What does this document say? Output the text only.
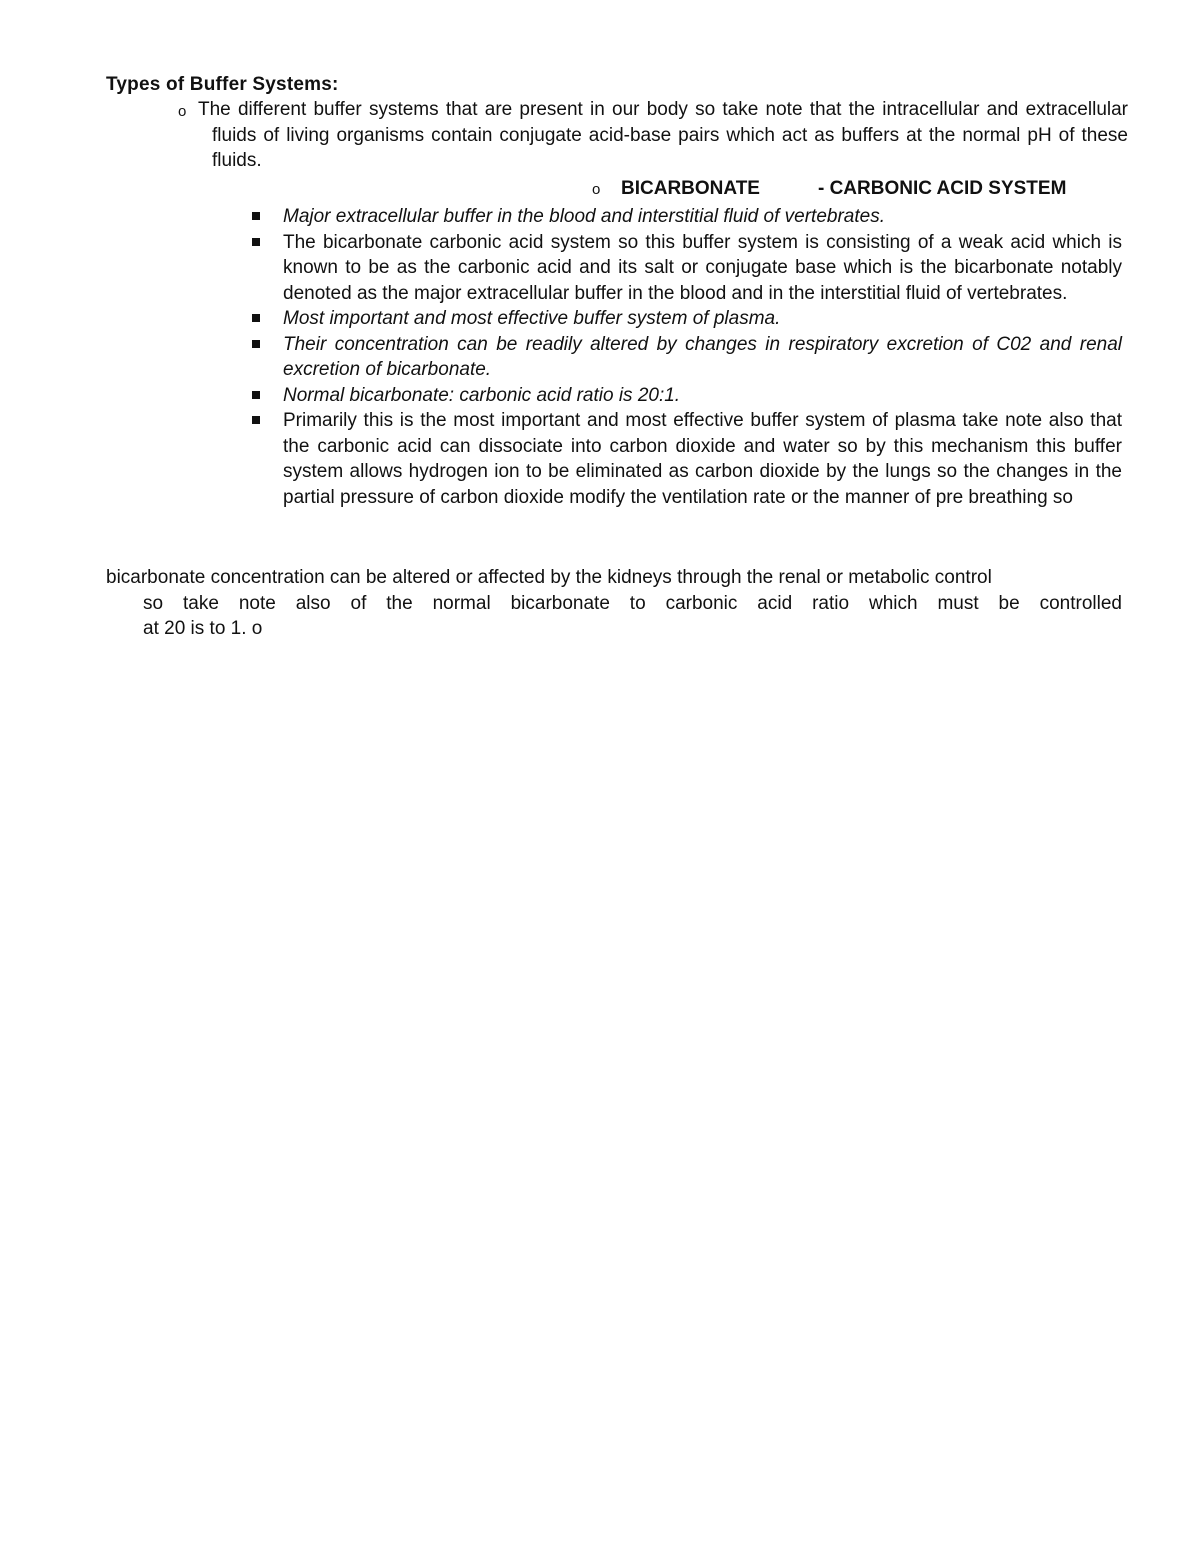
Types of Buffer Systems:
o The different buffer systems that are present in our body so take note that the intracellular and extracellular fluids of living organisms contain conjugate acid-base pairs which act as buffers at the normal pH of these fluids.
o BICARBONATE	- CARBONIC ACID SYSTEM
Major extracellular buffer in the blood and interstitial fluid of vertebrates.
The bicarbonate carbonic acid system so this buffer system is consisting of a weak acid which is known to be as the carbonic acid and its salt or conjugate base which is the bicarbonate notably denoted as the major extracellular buffer in the blood and in the interstitial fluid of vertebrates.
Most important and most effective buffer system of plasma.
Their concentration can be readily altered by changes in respiratory excretion of C02 and renal excretion of bicarbonate.
Normal bicarbonate: carbonic acid ratio is 20:1.
Primarily this is the most important and most effective buffer system of plasma take note also that the carbonic acid can dissociate into carbon dioxide and water so by this mechanism this buffer system allows hydrogen ion to be eliminated as carbon dioxide by the lungs so the changes in the partial pressure of carbon dioxide modify the ventilation rate or the manner of pre breathing so
bicarbonate concentration can be altered or affected by the kidneys through the renal or metabolic control
so take note also of the normal bicarbonate to carbonic acid ratio which must be controlled
at 20 is to 1. o
